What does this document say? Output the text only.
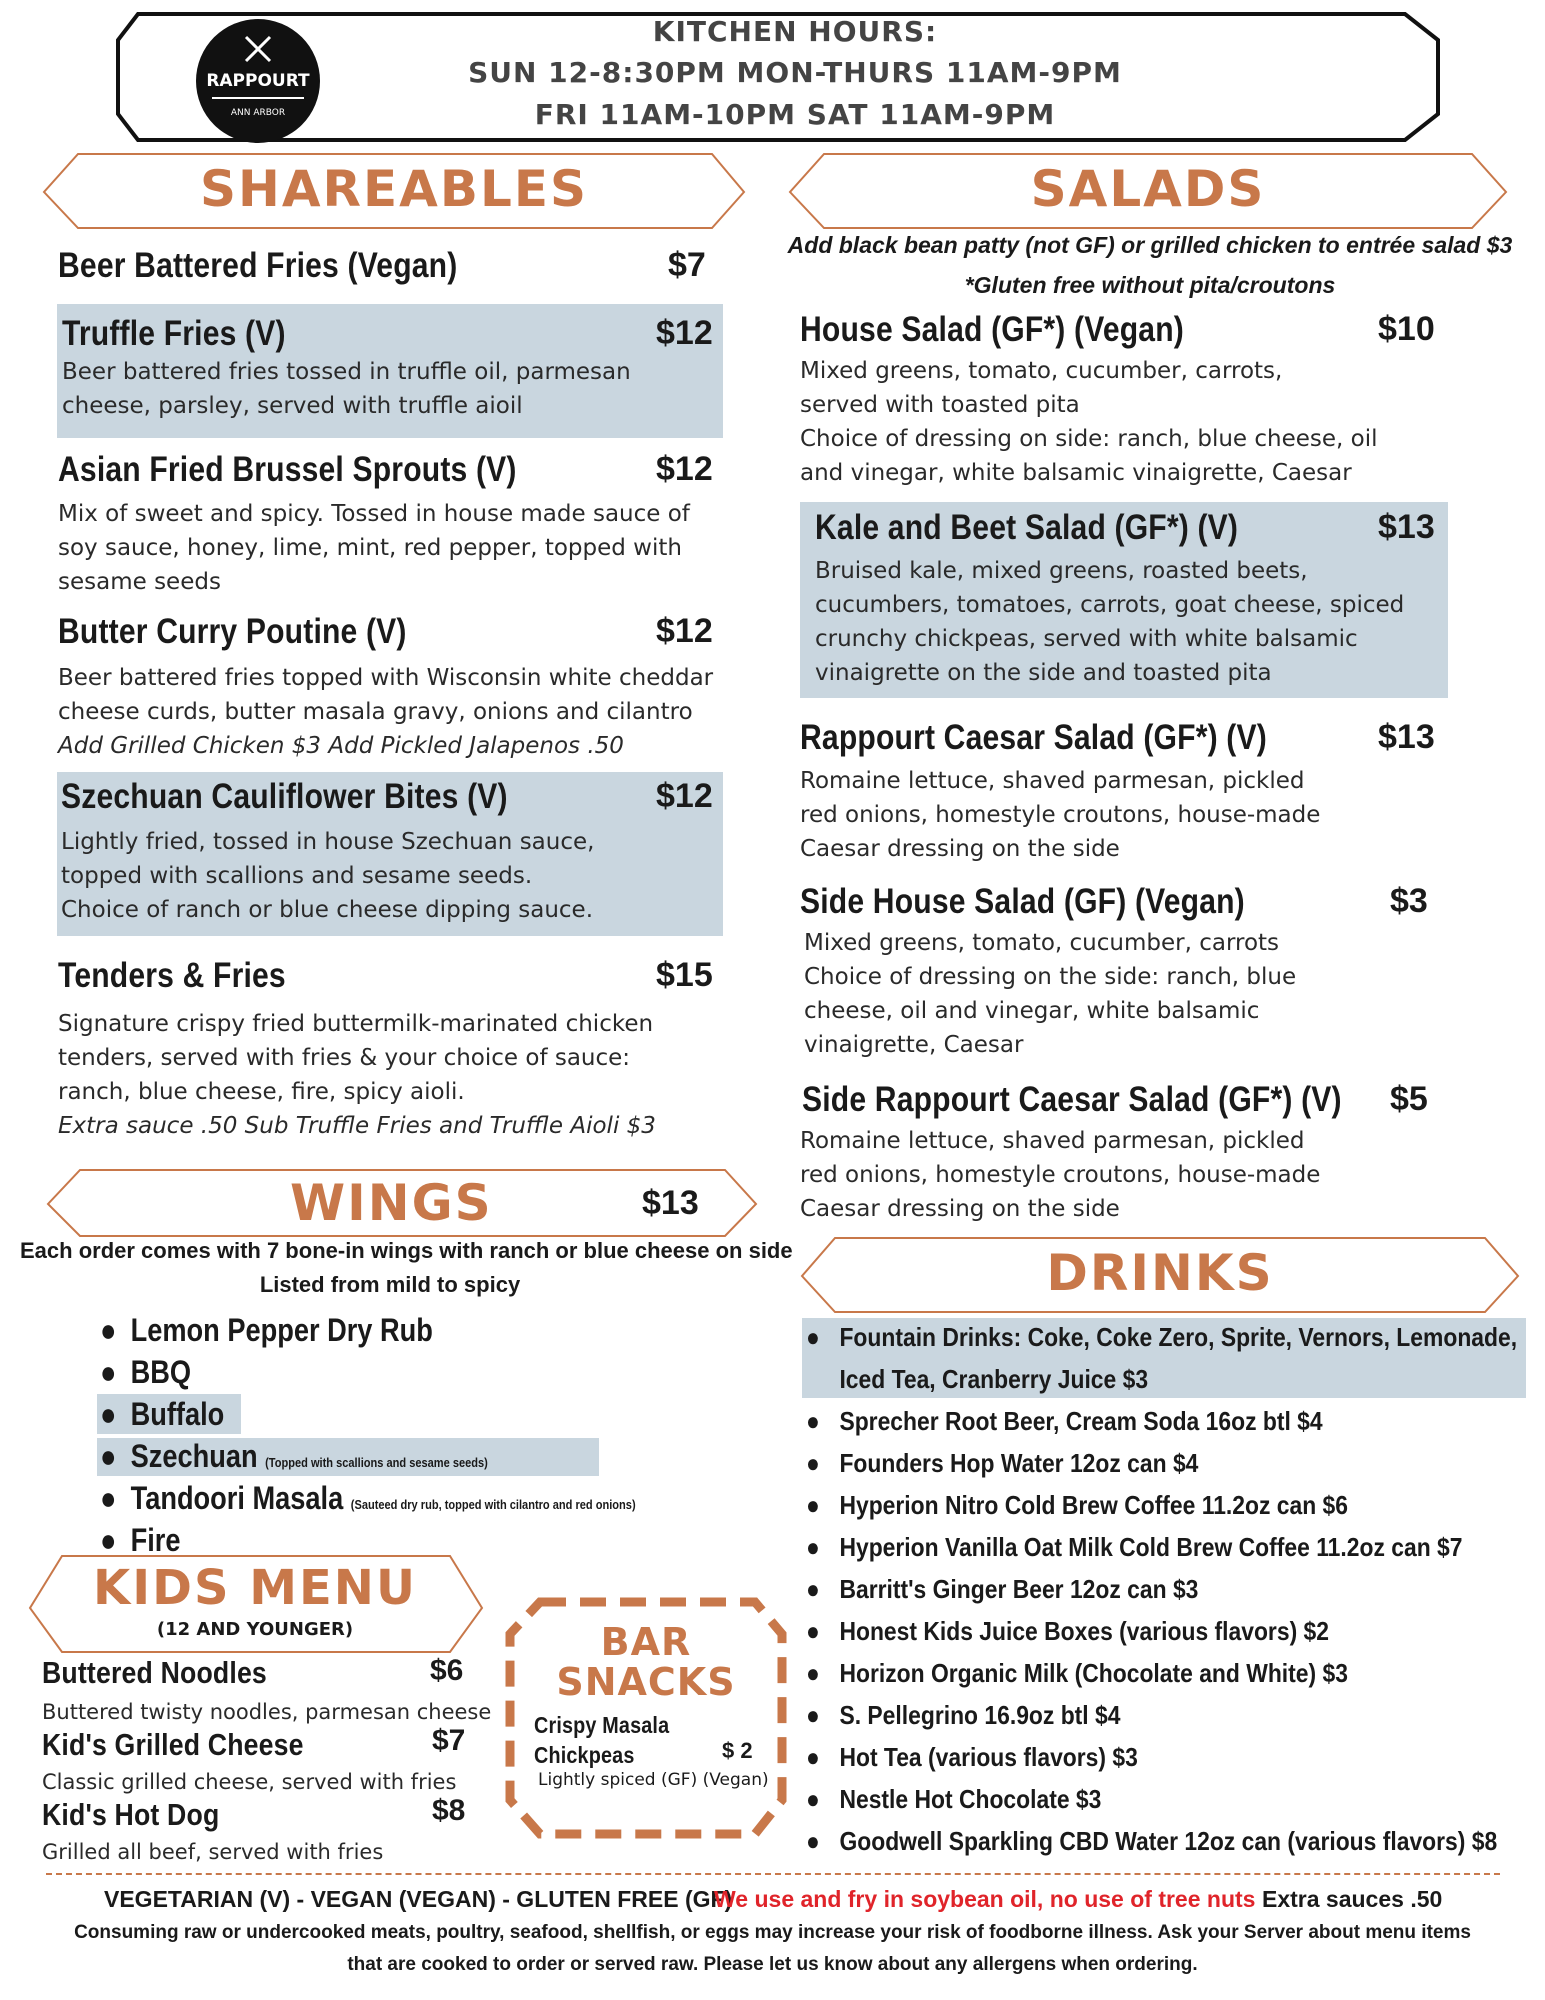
RAPPOURT
ANN ARBOR
KITCHEN HOURS:
SUN 12-8:30PM MON-THURS 11AM-9PM
FRI 11AM-10PM SAT 11AM-9PM
SHAREABLES
Beer Battered Fries (Vegan)	$7
Truffle Fries (V)	$12
Beer battered fries tossed in truffle oil, parmesan
cheese, parsley, served with truffle aioil
Asian Fried Brussel Sprouts (V)	$12
Mix of sweet and spicy. Tossed in house made sauce of
soy sauce, honey, lime, mint, red pepper, topped with
sesame seeds
Butter Curry Poutine (V)	$12
Beer battered fries topped with Wisconsin white cheddar
cheese curds, butter masala gravy, onions and cilantro
Add Grilled Chicken $3 Add Pickled Jalapenos .50
Szechuan Cauliflower Bites (V)	$12
Lightly fried, tossed in house Szechuan sauce,
topped with scallions and sesame seeds.
Choice of ranch or blue cheese dipping sauce.
Tenders & Fries	$15
Signature crispy fried buttermilk-marinated chicken
tenders, served with fries & your choice of sauce:
ranch, blue cheese, fire, spicy aioli.
Extra sauce .50 Sub Truffle Fries and Truffle Aioli $3
SALADS
Add black bean patty (not GF) or grilled chicken to entrée salad $3
*Gluten free without pita/croutons
House Salad (GF*) (Vegan)	$10
Mixed greens, tomato, cucumber, carrots,
served with toasted pita
Choice of dressing on side: ranch, blue cheese, oil
and vinegar, white balsamic vinaigrette, Caesar
Kale and Beet Salad (GF*) (V)	$13
Bruised kale, mixed greens, roasted beets,
cucumbers, tomatoes, carrots, goat cheese, spiced
crunchy chickpeas, served with white balsamic
vinaigrette on the side and toasted pita
Rappourt Caesar Salad (GF*) (V)	$13
Romaine lettuce, shaved parmesan, pickled
red onions, homestyle croutons, house-made
Caesar dressing on the side
Side House Salad (GF) (Vegan)	$3
Mixed greens, tomato, cucumber, carrots
Choice of dressing on the side: ranch, blue
cheese, oil and vinegar, white balsamic
vinaigrette, Caesar
Side Rappourt Caesar Salad (GF*) (V) $5
Romaine lettuce, shaved parmesan, pickled
red onions, homestyle croutons, house-made
Caesar dressing on the side
WINGS	$13
Each order comes with 7 bone-in wings with ranch or blue cheese on side
Listed from mild to spicy
● Lemon Pepper Dry Rub
● BBQ
● Buffalo
● Szechuan (Topped with scallions and sesame seeds)
● Tandoori Masala (Sauteed dry rub, topped with cilantro and red onions)
● Fire
KIDS MENU
(12 AND YOUNGER)
Buttered Noodles	$6
Buttered twisty noodles, parmesan cheese
Kid's Grilled Cheese	$7
Classic grilled cheese, served with fries
Kid's Hot Dog	$8
Grilled all beef, served with fries
BAR
SNACKS
Crispy Masala
Chickpeas	$ 2
Lightly spiced (GF) (Vegan)
DRINKS
● Fountain Drinks: Coke, Coke Zero, Sprite, Vernors, Lemonade,
Iced Tea, Cranberry Juice $3
● Sprecher Root Beer, Cream Soda 16oz btl $4
● Founders Hop Water 12oz can $4
● Hyperion Nitro Cold Brew Coffee 11.2oz can $6
● Hyperion Vanilla Oat Milk Cold Brew Coffee 11.2oz can $7
● Barritt's Ginger Beer 12oz can $3
● Honest Kids Juice Boxes (various flavors) $2
● Horizon Organic Milk (Chocolate and White) $3
● S. Pellegrino 16.9oz btl $4
● Hot Tea (various flavors) $3
● Nestle Hot Chocolate $3
● Goodwell Sparkling CBD Water 12oz can (various flavors) $8
VEGETARIAN (V) - VEGAN (VEGAN) - GLUTEN FREE (GF)
We use and fry in soybean oil, no use of tree nuts Extra sauces .50
Consuming raw or undercooked meats, poultry, seafood, shellfish, or eggs may increase your risk of foodborne illness. Ask your Server about menu items
that are cooked to order or served raw. Please let us know about any allergens when ordering.
